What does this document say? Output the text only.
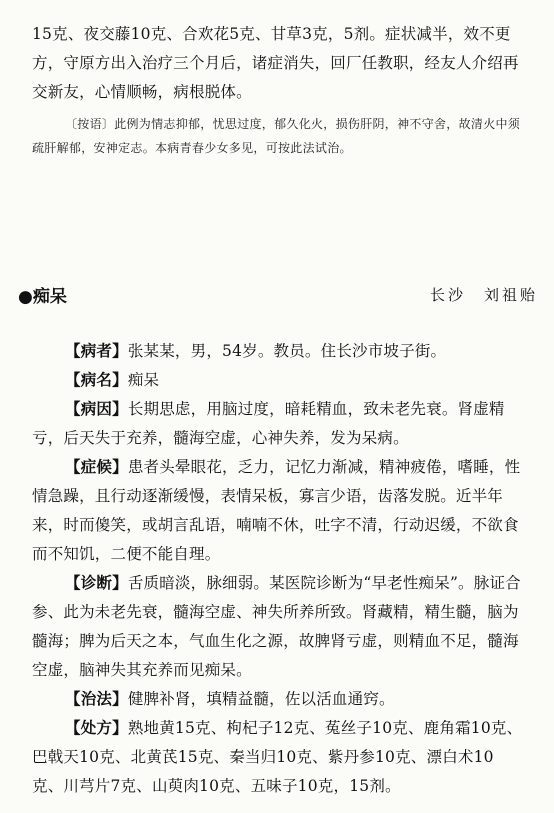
15克、夜交藤10克、合欢花5克、甘草3克，5剂。症状减半，效不更方，守原方出入治疗三个月后，诸症消失，回厂任教职，经友人介绍再交新友，心情顺畅，病根脱体。

〔按语〕此例为情志抑郁，忧思过度，郁久化火，损伤肝阴，神不守舍，故清火中须疏肝解郁，安神定志。本病青春少女多见，可按此法试治。

●痴呆	长沙　刘祖贻

【病者】张某某，男，54岁。教员。住长沙市坡子街。

【病名】痴呆

【病因】长期思虑，用脑过度，暗耗精血，致未老先衰。肾虚精亏，后天失于充养，髓海空虚，心神失养，发为呆病。

【症候】患者头晕眼花，乏力，记忆力渐减，精神疲倦，嗜睡，性情急躁，且行动逐渐缓慢，表情呆板，寡言少语，齿落发脱。近半年来，时而傻笑，或胡言乱语，喃喃不休，吐字不清，行动迟缓，不欲食而不知饥，二便不能自理。

【诊断】舌质暗淡，脉细弱。某医院诊断为“早老性痴呆”。脉证合参、此为未老先衰，髓海空虚、神失所养所致。肾藏精，精生髓，脑为髓海；脾为后天之本，气血生化之源，故脾肾亏虚，则精血不足，髓海空虚，脑神失其充养而见痴呆。

【治法】健脾补肾，填精益髓，佐以活血通窍。

【处方】熟地黄15克、枸杞子12克、菟丝子10克、鹿角霜10克、巴戟天10克、北黄芪15克、秦当归10克、紫丹参10克、漂白术10克、川芎片7克、山萸肉10克、五味子10克，15剂。
